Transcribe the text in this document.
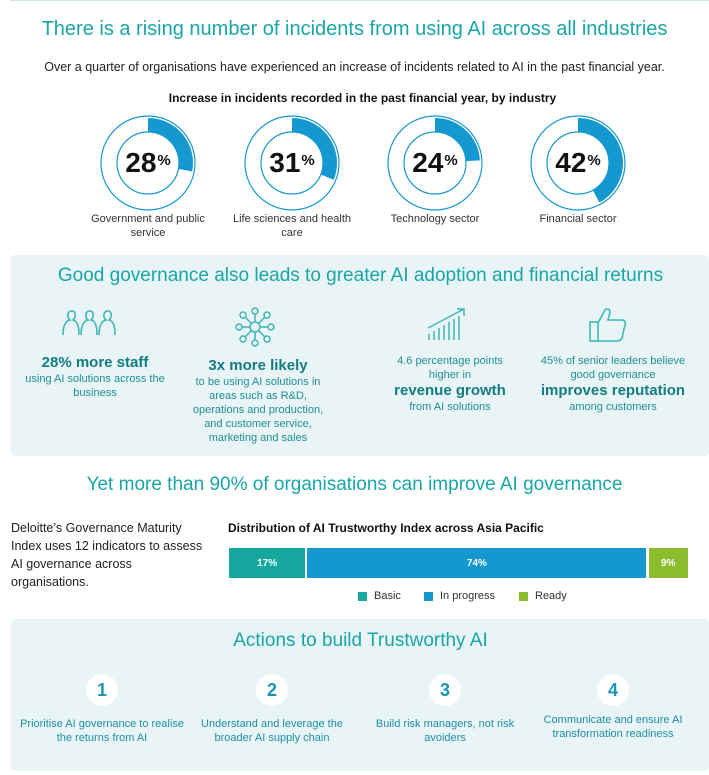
There is a rising number of incidents from using AI across all industries
Over a quarter of organisations have experienced an increase of incidents related to AI in the past financial year.
Increase in incidents recorded in the past financial year, by industry
28 %
Government and public service
31 %
Life sciences and health care
24 %
Technology sector
42 %
Financial sector
Good governance also leads to greater AI adoption and financial returns
28% more staff
using AI solutions across the business
3x more likely
to be using AI solutions in areas such as R&D, operations and production, and customer service, marketing and sales
4.6 percentage points higher in
revenue growth
from AI solutions
45% of senior leaders believe good governance
improves reputation
among customers
Yet more than 90% of organisations can improve AI governance
Deloitte’s Governance Maturity Index uses 12 indicators to assess AI governance across organisations.
Distribution of AI Trustworthy Index across Asia Pacific
17%	74%	9%
Basic	In progress	Ready
Actions to build Trustworthy AI
1
Prioritise AI governance to realise the returns from AI
2
Understand and leverage the broader AI supply chain
3
Build risk managers, not risk avoiders
4
Communicate and ensure AI transformation readiness
